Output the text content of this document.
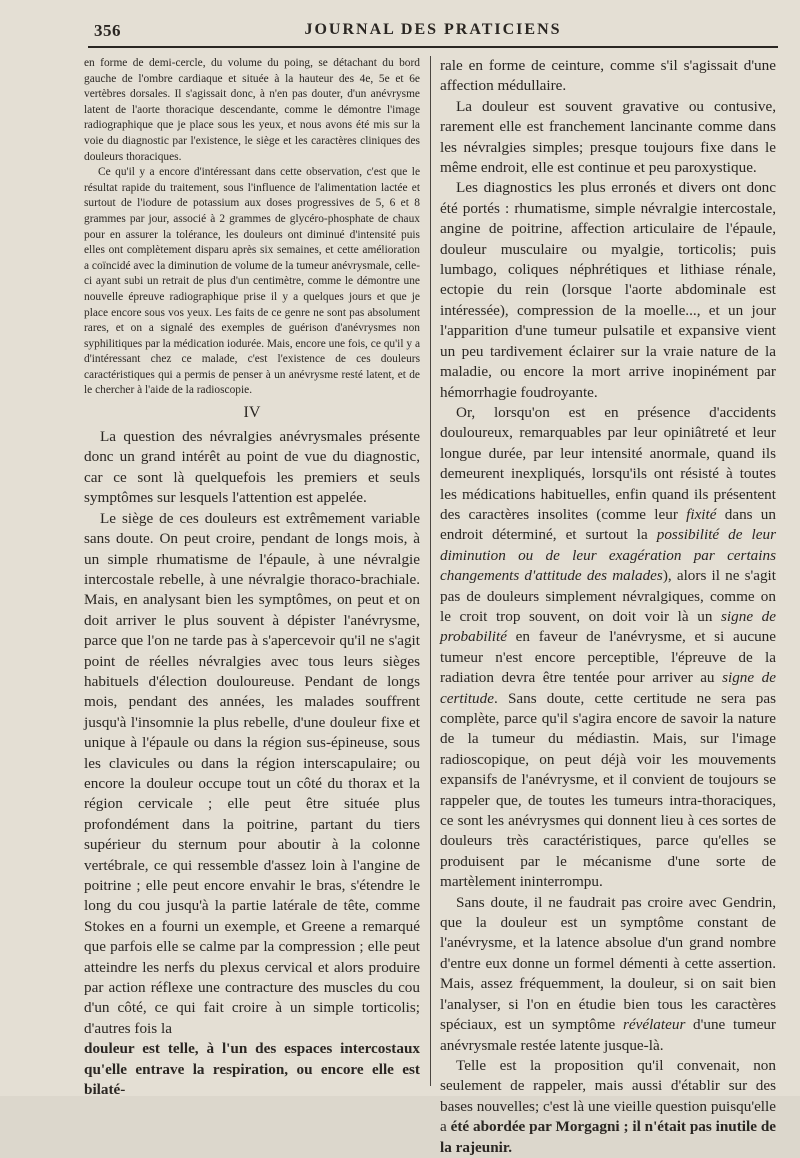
356	JOURNAL DES PRATICIENS

en forme de demi-cercle, du volume du poing, se détachant du bord gauche de l'ombre cardiaque et située à la hauteur des 4e, 5e et 6e vertèbres dorsales. Il s'agissait donc, à n'en pas douter, d'un anévrysme latent de l'aorte thoracique descendante, comme le démontre l'image radiographique que je place sous les yeux, et nous avons été mis sur la voie du diagnostic par l'existence, le siège et les caractères cliniques des douleurs thoraciques.

Ce qu'il y a encore d'intéressant dans cette observation, c'est que le résultat rapide du traitement, sous l'influence de l'alimentation lactée et surtout de l'iodure de potassium aux doses progressives de 5, 6 et 8 grammes par jour, associé à 2 grammes de glycéro-phosphate de chaux pour en assurer la tolérance, les douleurs ont diminué d'intensité puis elles ont complètement disparu après six semaines, et cette amélioration a coïncidé avec la diminution de volume de la tumeur anévrysmale, celle-ci ayant subi un retrait de plus d'un centimètre, comme le démontre une nouvelle épreuve radiographique prise il y a quelques jours et que je place encore sous vos yeux. Les faits de ce genre ne sont pas absolument rares, et on a signalé des exemples de guérison d'anévrysmes non syphilitiques par la médication iodurée. Mais, encore une fois, ce qu'il y a d'intéressant chez ce malade, c'est l'existence de ces douleurs caractéristiques qui a permis de penser à un anévrysme resté latent, et de le chercher à l'aide de la radioscopie.

IV

La question des névralgies anévrysmales présente donc un grand intérêt au point de vue du diagnostic, car ce sont là quelquefois les premiers et seuls symptômes sur lesquels l'attention est appelée.

Le siège de ces douleurs est extrêmement variable sans doute. On peut croire, pendant de longs mois, à un simple rhumatisme de l'épaule, à une névralgie intercostale rebelle, à une névralgie thoraco-brachiale. Mais, en analysant bien les symptômes, on peut et on doit arriver le plus souvent à dépister l'anévrysme, parce que l'on ne tarde pas à s'apercevoir qu'il ne s'agit point de réelles névralgies avec tous leurs sièges habituels d'élection douloureuse. Pendant de longs mois, pendant des années, les malades souffrent jusqu'à l'insomnie la plus rebelle, d'une douleur fixe et unique à l'épaule ou dans la région sus-épineuse, sous les clavicules ou dans la région interscapulaire; ou encore la douleur occupe tout un côté du thorax et la région cervicale ; elle peut être située plus profondément dans la poitrine, partant du tiers supérieur du sternum pour aboutir à la colonne vertébrale, ce qui ressemble d'assez loin à l'angine de poitrine ; elle peut encore envahir le bras, s'étendre le long du cou jusqu'à la partie latérale de tête, comme Stokes en a fourni un exemple, et Greene a remarqué que parfois elle se calme par la compression ; elle peut atteindre les nerfs du plexus cervical et alors produire par action réflexe une contracture des muscles du cou d'un côté, ce qui fait croire à un simple torticolis; d'autres fois la

douleur est telle, à l'un des espaces intercostaux qu'elle entrave la respiration, ou encore elle est bilaté-

rale en forme de ceinture, comme s'il s'agissait d'une affection médullaire.

La douleur est souvent gravative ou contusive, rarement elle est franchement lancinante comme dans les névralgies simples; presque toujours fixe dans le même endroit, elle est continue et peu paroxystique.

Les diagnostics les plus erronés et divers ont donc été portés : rhumatisme, simple névralgie intercostale, angine de poitrine, affection articulaire de l'épaule, douleur musculaire ou myalgie, torticolis; puis lumbago, coliques néphrétiques et lithiase rénale, ectopie du rein (lorsque l'aorte abdominale est intéressée), compression de la moelle..., et un jour l'apparition d'une tumeur pulsatile et expansive vient un peu tardivement éclairer sur la vraie nature de la maladie, ou encore la mort arrive inopinément par hémorrhagie foudroyante.

Or, lorsqu'on est en présence d'accidents douloureux, remarquables par leur opiniâtreté et leur longue durée, par leur intensité anormale, quand ils demeurent inexpliqués, lorsqu'ils ont résisté à toutes les médications habituelles, enfin quand ils présentent des caractères insolites (comme leur fixité dans un endroit déterminé, et surtout la possibilité de leur diminution ou de leur exagération par certains changements d'attitude des malades), alors il ne s'agit pas de douleurs simplement névralgiques, comme on le croit trop souvent, on doit voir là un signe de probabilité en faveur de l'anévrysme, et si aucune tumeur n'est encore perceptible, l'épreuve de la radiation devra être tentée pour arriver au signe de certitude. Sans doute, cette certitude ne sera pas complète, parce qu'il s'agira encore de savoir la nature de la tumeur du médiastin. Mais, sur l'image radioscopique, on peut déjà voir les mouvements expansifs de l'anévrysme, et il convient de toujours se rappeler que, de toutes les tumeurs intra-thoraciques, ce sont les anévrysmes qui donnent lieu à ces sortes de douleurs très caractéristiques, parce qu'elles se produisent par le mécanisme d'une sorte de martèlement ininterrompu.

Sans doute, il ne faudrait pas croire avec Gendrin, que la douleur est un symptôme constant de l'anévrysme, et la latence absolue d'un grand nombre d'entre eux donne un formel démenti à cette assertion. Mais, assez fréquemment, la douleur, si on sait bien l'analyser, si l'on en étudie bien tous les caractères spéciaux, est un symptôme révélateur d'une tumeur anévrysmale restée latente jusque-là.

Telle est la proposition qu'il convenait, non seulement de rappeler, mais aussi d'établir sur des bases nouvelles; c'est là une vieille question puisqu'elle a été abordée par Morgagni ; il n'était pas inutile de la rajeunir.
